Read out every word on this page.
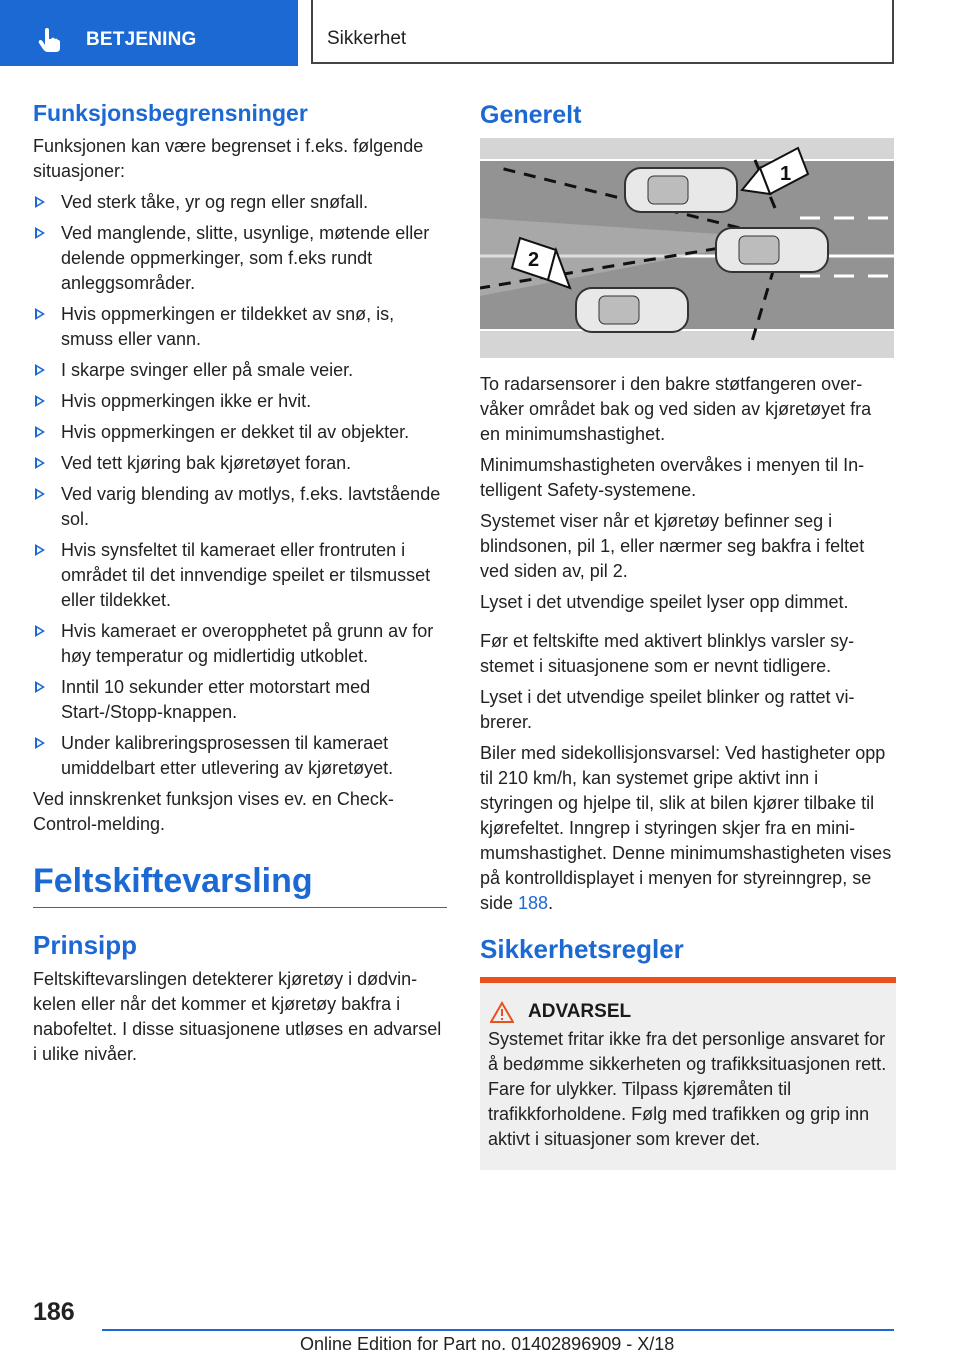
BETJENING	Sikkerhet
Funksjonsbegrensninger

Funksjonen kan være begrenset i f.eks. følgende situasjoner:

Ved sterk tåke, yr og regn eller snøfall.
Ved manglende, slitte, usynlige, møtende eller delende oppmerkinger, som f.eks rundt anleggsområder.
Hvis oppmerkingen er tildekket av snø, is, smuss eller vann.
I skarpe svinger eller på smale veier.
Hvis oppmerkingen ikke er hvit.
Hvis oppmerkingen er dekket til av objekter.
Ved tett kjøring bak kjøretøyet foran.
Ved varig blending av motlys, f.eks. lavtstående sol.
Hvis synsfeltet til kameraet eller frontruten i området til det innvendige speilet er tilsmusset eller tildekket.
Hvis kameraet er overopphetet på grunn av for høy temperatur og midlertidig utkoblet.
Inntil 10 sekunder etter motorstart med Start-/Stopp-knappen.
Under kalibreringsprosessen til kameraet umiddelbart etter utlevering av kjøretøyet.

Ved innskrenket funksjon vises ev. en Check-Control-melding.

Feltskiftevarsling
Prinsipp

Feltskiftevarslingen detekterer kjøretøy i dødvinkelen eller når det kommer et kjøretøy bakfra i nabofeltet. I disse situasjonene utløses en advarsel i ulike nivåer.

Generelt
1
2

To radarsensorer i den bakre støtfangeren overvåker området bak og ved siden av kjøretøyet fra en minimumshastighet.

Minimumshastigheten overvåkes i menyen til Intelligent Safety-systemene.

Systemet viser når et kjøretøy befinner seg i blindsonen, pil 1, eller nærmer seg bakfra i feltet ved siden av, pil 2.

Lyset i det utvendige speilet lyser opp dimmet.

Før et feltskifte med aktivert blinklys varsler systemet i situasjonene som er nevnt tidligere.

Lyset i det utvendige speilet blinker og rattet vibrerer.

Biler med sidekollisjonsvarsel: Ved hastigheter opp til 210 km/h, kan systemet gripe aktivt inn i styringen og hjelpe til, slik at bilen kjører tilbake til kjørefeltet. Inngrep i styringen skjer fra en minimumshastighet. Denne minimumshastigheten vises på kontrolldisplayet i menyen for styreinngrep, se side 188.

Sikkerhetsregler
ADVARSEL

Systemet fritar ikke fra det personlige ansvaret for å bedømme sikkerheten og trafikksituasjonen rett. Fare for ulykker. Tilpass kjøremåten til trafikkforholdene. Følg med trafikken og grip inn aktivt i situasjoner som krever det.

186
Online Edition for Part no. 01402896909 - X/18
